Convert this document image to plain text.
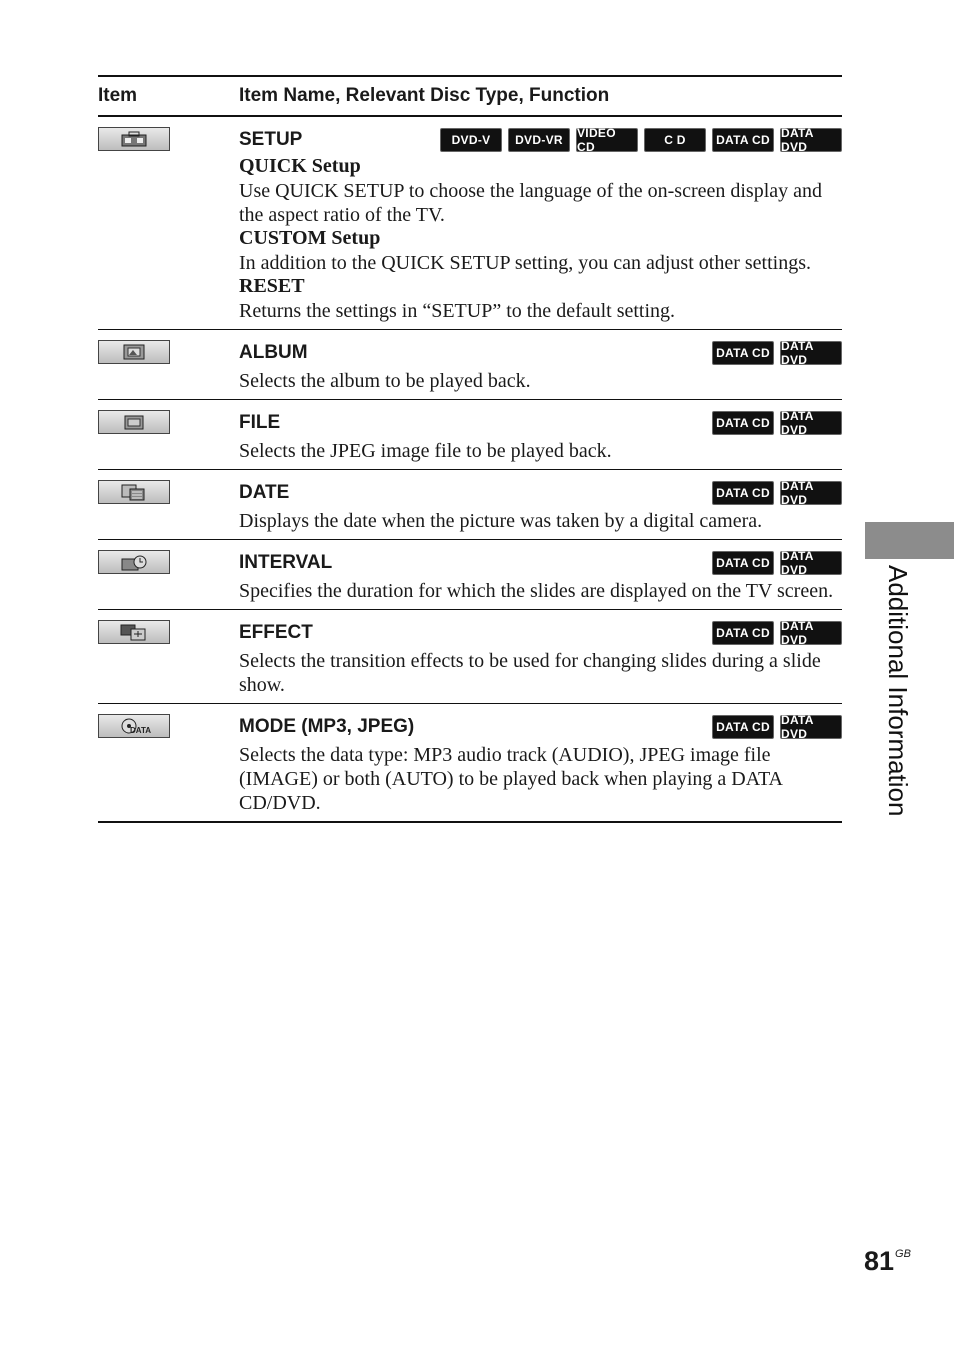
Item	Item Name, Relevant Disc Type, Function
SETUP	DVD-V	DVD-VR	VIDEO CD	C D	DATA CD DATA DVD
QUICK Setup
Use QUICK SETUP to choose the language of the on-screen display and the aspect ratio of the TV.
CUSTOM Setup
In addition to the QUICK SETUP setting, you can adjust other settings.
RESET
Returns the settings in “SETUP” to the default setting.
ALBUM	DATA CD DATA DVD
Selects the album to be played back.
FILE	DATA CD DATA DVD
Selects the JPEG image file to be played back.
DATE	DATA CD DATA DVD
Displays the date when the picture was taken by a digital camera.
INTERVAL	DATA CD DATA DVD
Specifies the duration for which the slides are displayed on the TV screen.
EFFECT	DATA CD DATA DVD
Selects the transition effects to be used for changing slides during a slide show.
DATA	MODE (MP3, JPEG)	DATA CD DATA DVD
Selects the data type: MP3 audio track (AUDIO), JPEG image file (IMAGE) or both (AUTO) to be played back when playing a DATA CD/DVD.	Additional Information
$81^{GB}$
